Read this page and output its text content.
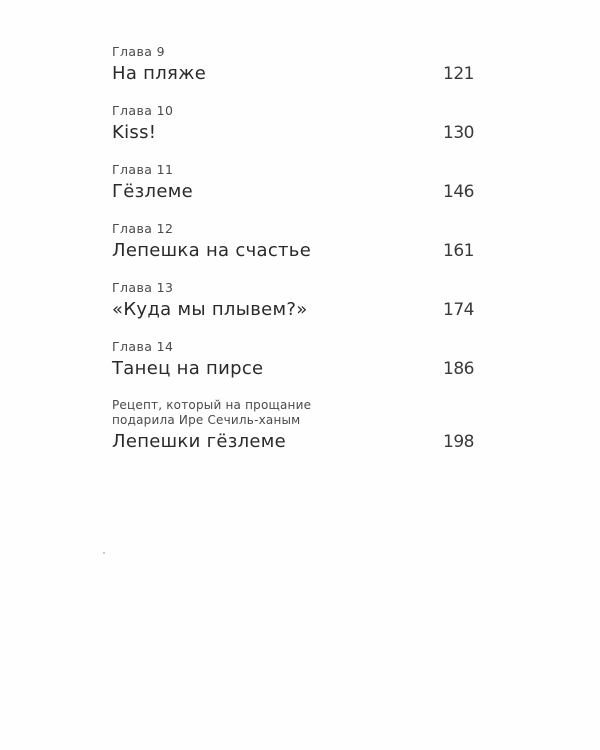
Глава 9
На пляже	121
Глава 10
Kiss!	130
Глава 11
Гёзлеме	146
Глава 12
Лепешка на счастье	161
Глава 13
«Куда мы плывем?»	174
Глава 14
Танец на пирсе	186
Рецепт, который на прощание
подарила Ире Сечиль-ханым
Лепешки гёзлеме	198
